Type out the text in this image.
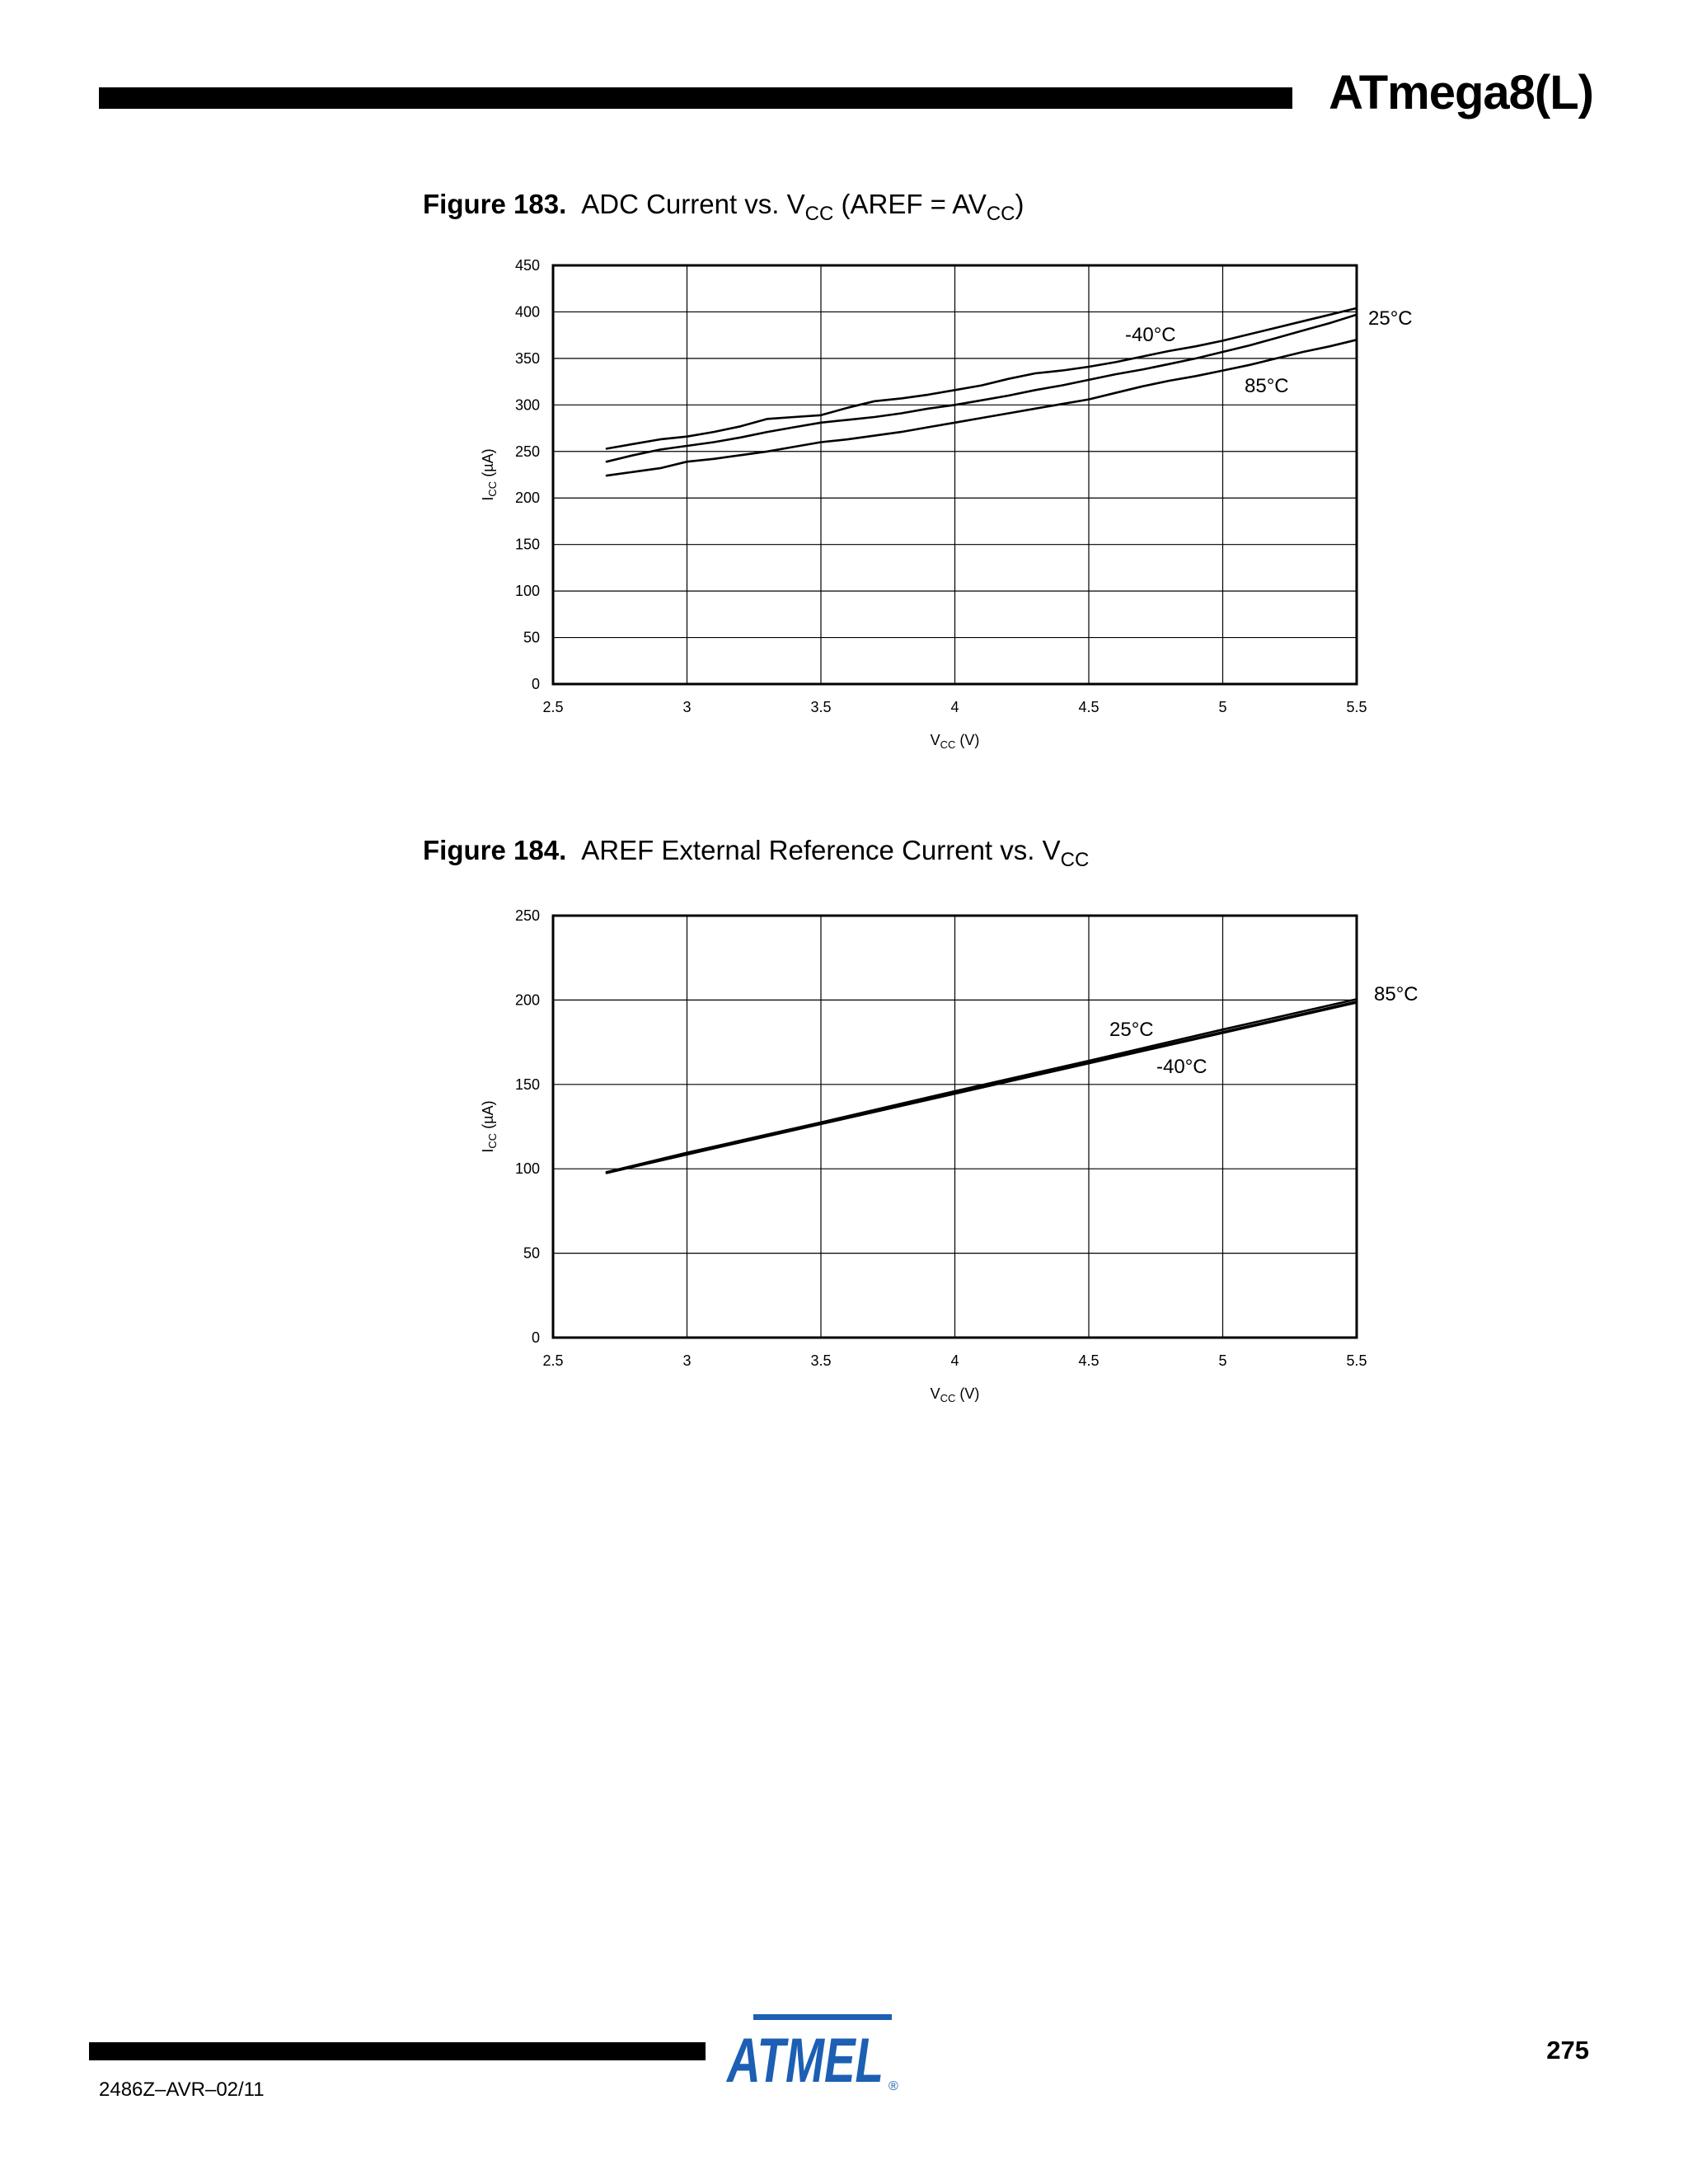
ATmega8(L)
Figure 183. ADC Current vs. $V_{CC}$ (AREF = $AV_{CC}$)
2.5	3	3.5	4	4.5	5	5.5
0
50
100
150
200
250
300
350
400
450
$V_{CC}$ (V)
$I_{CC}$ (µA)
-40°C
25°C
85°C
Figure 184. AREF External Reference Current vs. $V_{CC}$
2.5	3	3.5	4	4.5	5	5.5
0
50
100
150
200
250
$V_{CC}$ (V)
$I_{CC}$ (µA)
25°C
-40°C
85°C
2486Z–AVR–02/11
275
ATMEL ®
